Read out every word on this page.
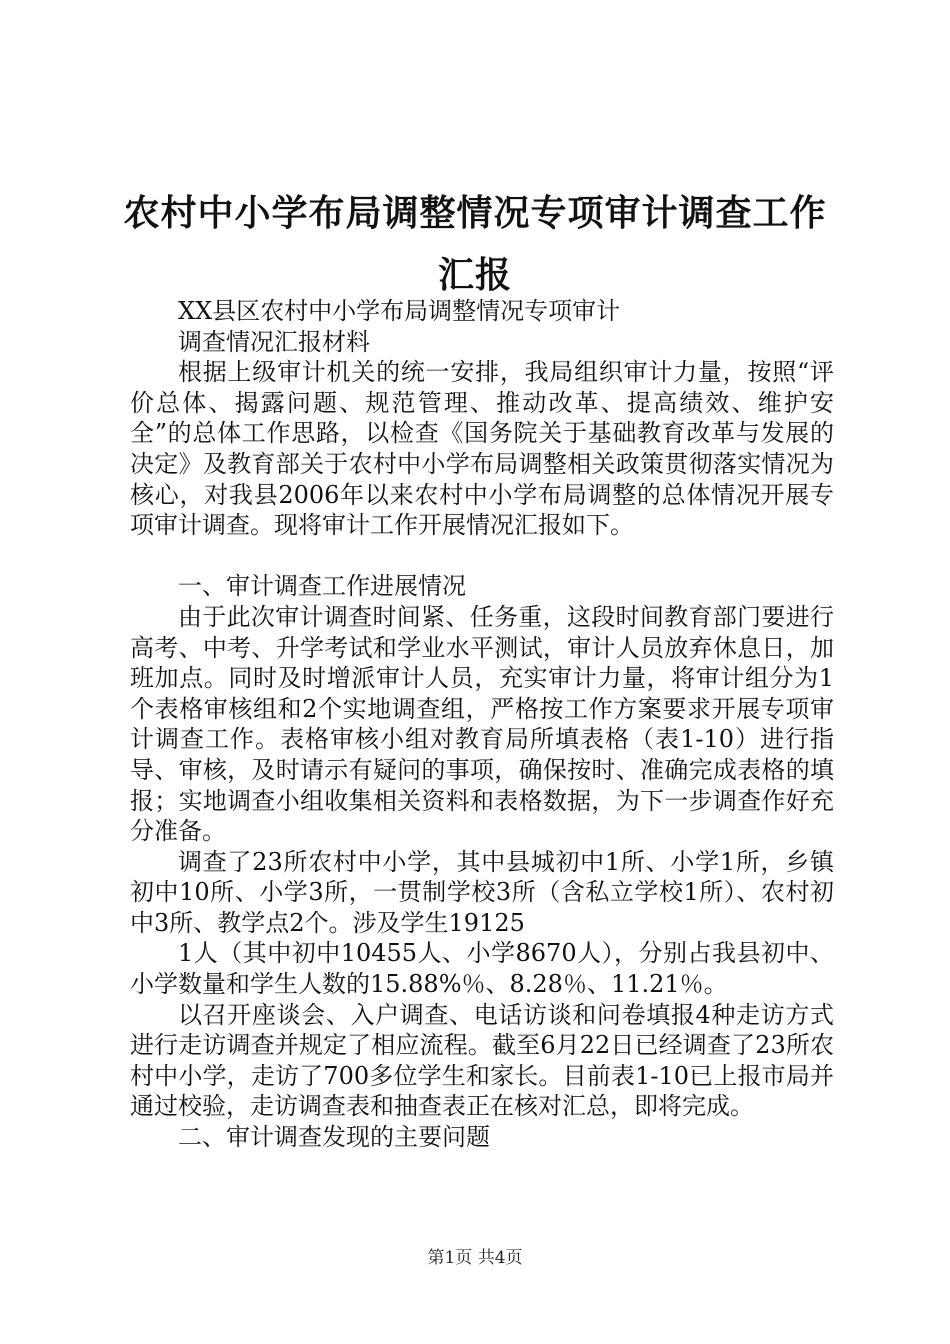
农村中小学布局调整情况专项审计调查工作汇报

XX县区农村中小学布局调整情况专项审计

调查情况汇报材料

根据上级审计机关的统一安排，我局组织审计力量，按照“评价总体、揭露问题、规范管理、推动改革、提高绩效、维护安全”的总体工作思路，以检查《国务院关于基础教育改革与发展的决定》及教育部关于农村中小学布局调整相关政策贯彻落实情况为核心，对我县2006年以来农村中小学布局调整的总体情况开展专项审计调查。现将审计工作开展情况汇报如下。

一、审计调查工作进展情况

由于此次审计调查时间紧、任务重，这段时间教育部门要进行高考、中考、升学考试和学业水平测试，审计人员放弃休息日，加班加点。同时及时增派审计人员，充实审计力量，将审计组分为1个表格审核组和2个实地调查组，严格按工作方案要求开展专项审计调查工作。表格审核小组对教育局所填表格（表1-10）进行指导、审核，及时请示有疑问的事项，确保按时、准确完成表格的填报；实地调查小组收集相关资料和表格数据，为下一步调查作好充分准备。

调查了23所农村中小学，其中县城初中1所、小学1所，乡镇初中10所、小学3所，一贯制学校3所（含私立学校1所）、农村初中3所、教学点2个。涉及学生19125

1人（其中初中10455人、小学8670人），分别占我县初中、小学数量和学生人数的15.88%％、8.28％、11.21％。

以召开座谈会、入户调查、电话访谈和问卷填报4种走访方式进行走访调查并规定了相应流程。截至6月22日已经调查了23所农村中小学，走访了700多位学生和家长。目前表1-10已上报市局并通过校验，走访调查表和抽查表正在核对汇总，即将完成。

二、审计调查发现的主要问题

第1页 共4页
